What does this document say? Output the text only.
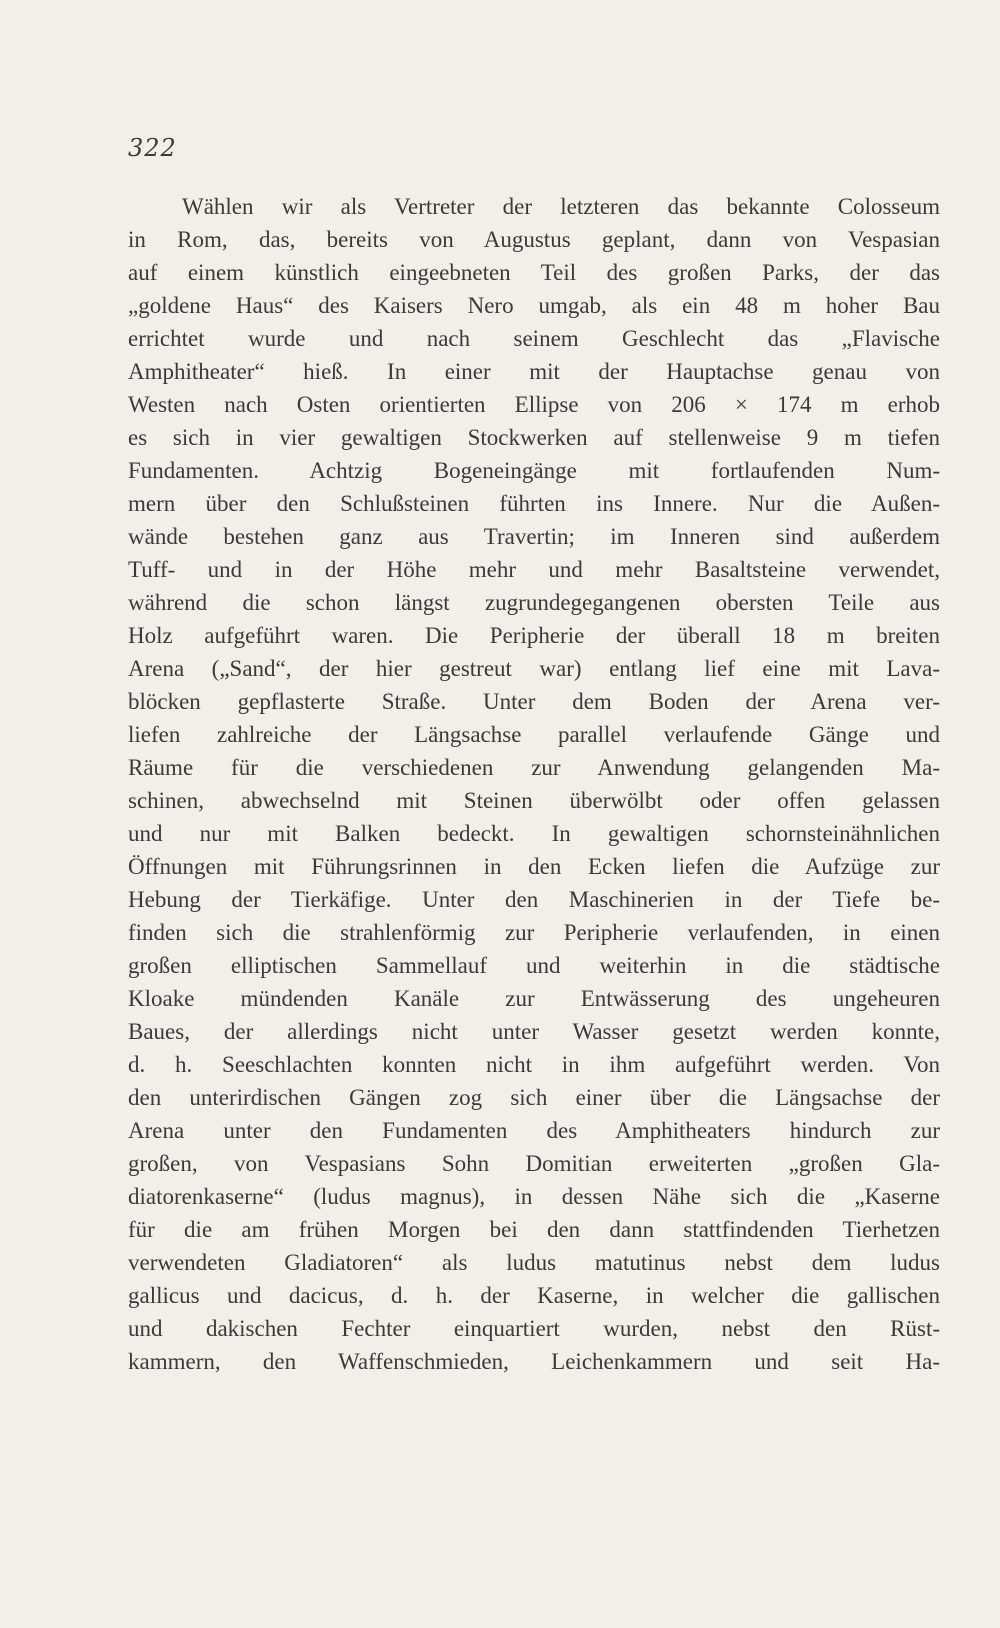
322
Wählen wir als Vertreter der letzteren das bekannte Colosseum
in Rom, das, bereits von Augustus geplant, dann von Vespasian
auf einem künstlich eingeebneten Teil des großen Parks, der das
„goldene Haus“ des Kaisers Nero umgab, als ein 48 m hoher Bau
errichtet wurde und nach seinem Geschlecht das „Flavische
Amphitheater“ hieß. In einer mit der Hauptachse genau von
Westen nach Osten orientierten Ellipse von 206 × 174 m erhob
es sich in vier gewaltigen Stockwerken auf stellenweise 9 m tiefen
Fundamenten. Achtzig Bogeneingänge mit fortlaufenden Num-
mern über den Schlußsteinen führten ins Innere. Nur die Außen-
wände bestehen ganz aus Travertin; im Inneren sind außerdem
Tuff- und in der Höhe mehr und mehr Basaltsteine verwendet,
während die schon längst zugrundegegangenen obersten Teile aus
Holz aufgeführt waren. Die Peripherie der überall 18 m breiten
Arena („Sand“, der hier gestreut war) entlang lief eine mit Lava-
blöcken gepflasterte Straße. Unter dem Boden der Arena ver-
liefen zahlreiche der Längsachse parallel verlaufende Gänge und
Räume für die verschiedenen zur Anwendung gelangenden Ma-
schinen, abwechselnd mit Steinen überwölbt oder offen gelassen
und nur mit Balken bedeckt. In gewaltigen schornsteinähnlichen
Öffnungen mit Führungsrinnen in den Ecken liefen die Aufzüge zur
Hebung der Tierkäfige. Unter den Maschinerien in der Tiefe be-
finden sich die strahlenförmig zur Peripherie verlaufenden, in einen
großen elliptischen Sammellauf und weiterhin in die städtische
Kloake mündenden Kanäle zur Entwässerung des ungeheuren
Baues, der allerdings nicht unter Wasser gesetzt werden konnte,
d. h. Seeschlachten konnten nicht in ihm aufgeführt werden. Von
den unterirdischen Gängen zog sich einer über die Längsachse der
Arena unter den Fundamenten des Amphitheaters hindurch zur
großen, von Vespasians Sohn Domitian erweiterten „großen Gla-
diatorenkaserne“ (ludus magnus), in dessen Nähe sich die „Kaserne
für die am frühen Morgen bei den dann stattfindenden Tierhetzen
verwendeten Gladiatoren“ als ludus matutinus nebst dem ludus
gallicus und dacicus, d. h. der Kaserne, in welcher die gallischen
und dakischen Fechter einquartiert wurden, nebst den Rüst-
kammern, den Waffenschmieden, Leichenkammern und seit Ha-
